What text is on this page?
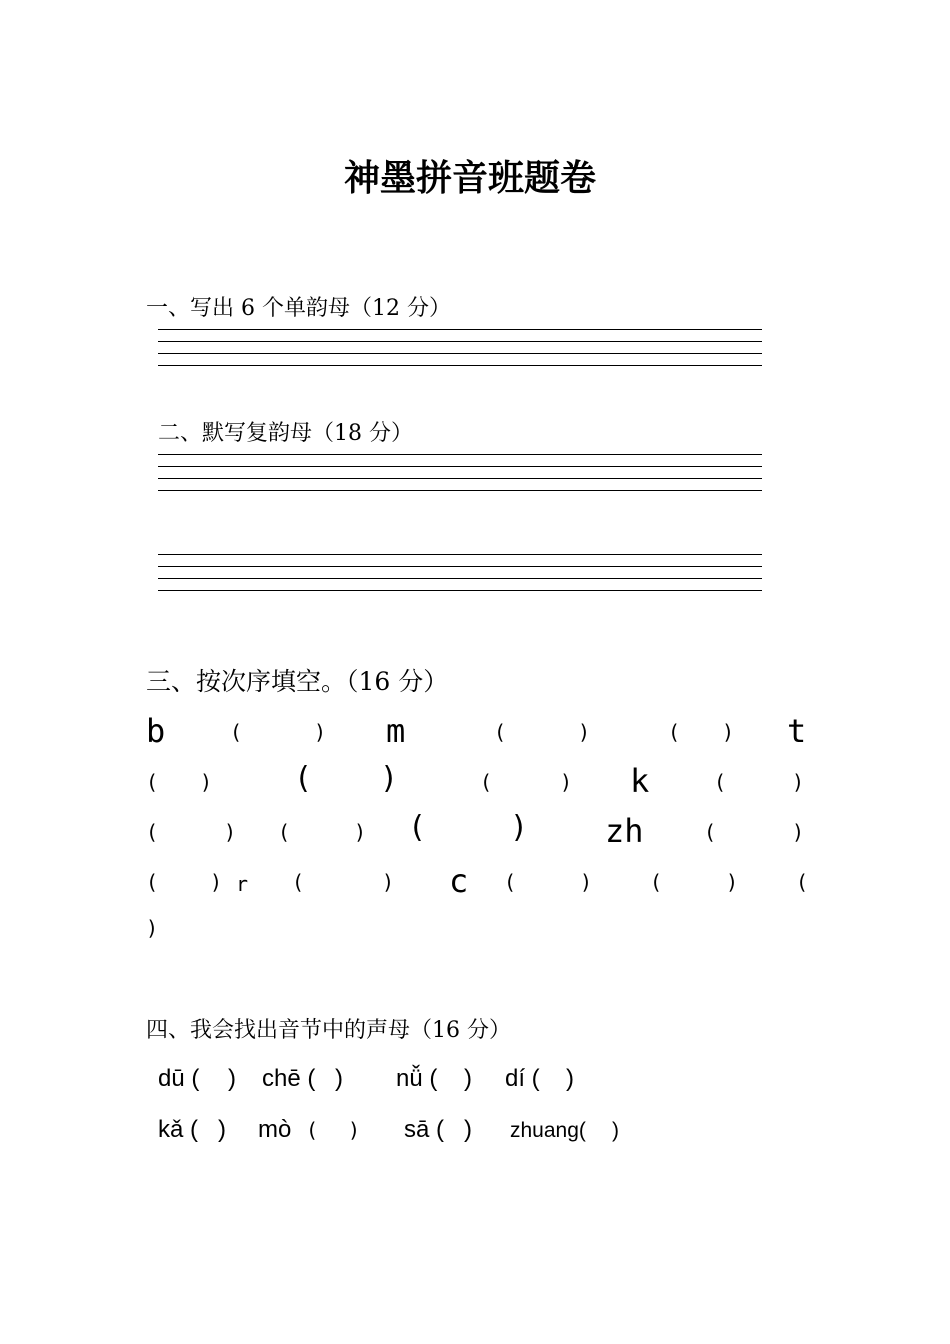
神墨拼音班题卷
一、写出 6 个单韵母（12 分）
二、默写复韵母（18 分）
三、按次序填空。（16 分）
b	(	) m	(	)	( ) t
( )	( )	(	) k	(	)
(	) (	) (	) zh	(	)
(	) r (	) c (	)	(	)	(
)
四、我会找出音节中的声母（16 分）
dū ( ) chē ( ) nǚ ( ) dí ( )
kǎ ( ) mò ( ) sā ( ) zhuang( )
